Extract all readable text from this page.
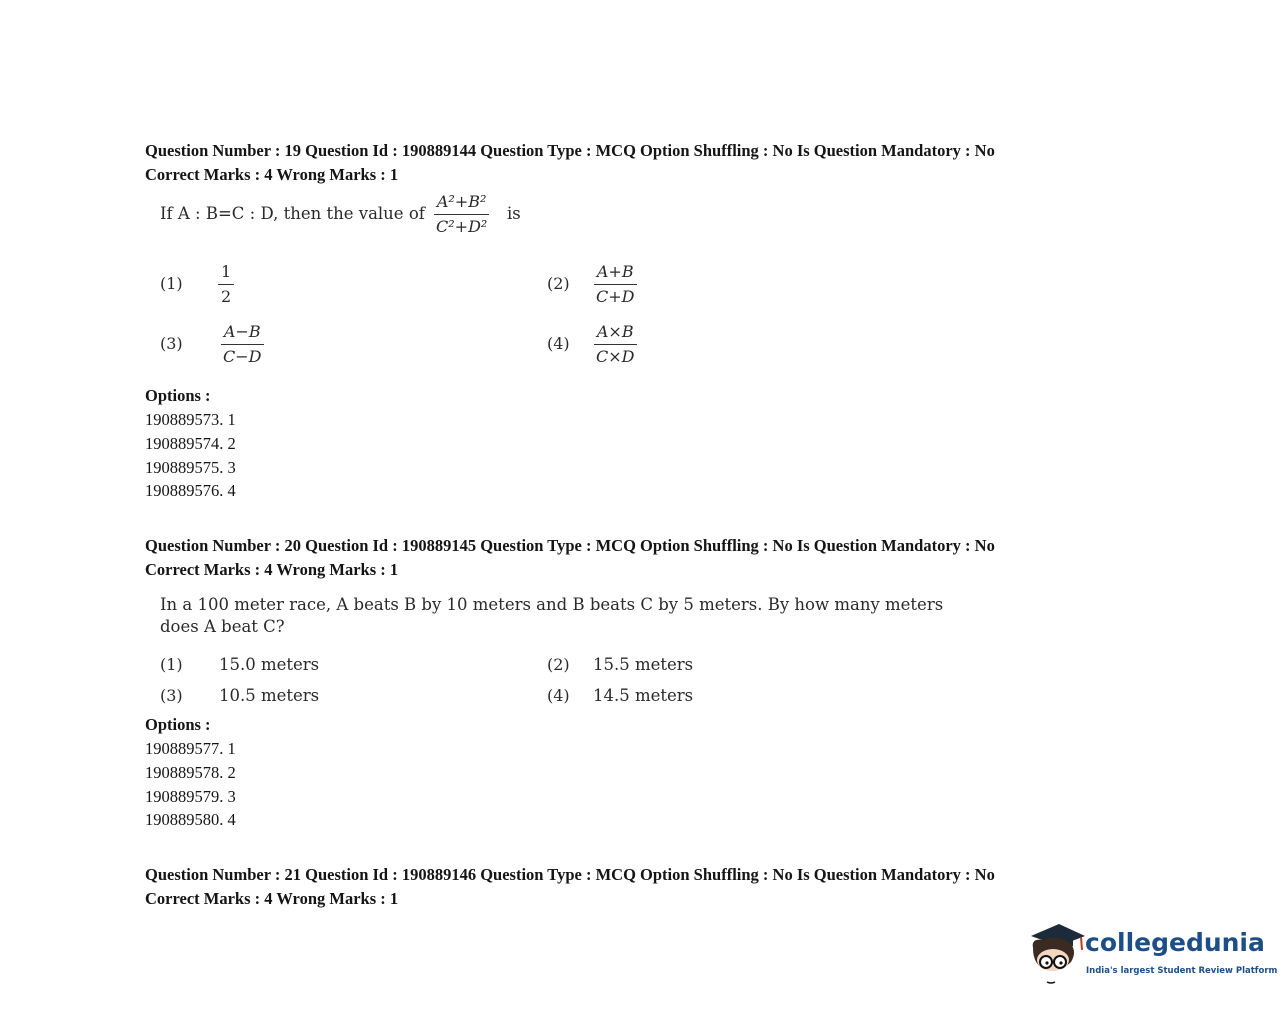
Question Number : 19 Question Id : 190889144 Question Type : MCQ Option Shuffling : No Is Question Mandatory : No
Correct Marks : 4 Wrong Marks : 1
If A : B=C : D, then the value of $\frac{\text{A²+B²}}{\text{C²+D²}}$ is
$(1) \frac{1}{2}$	$(2) \frac{A+B}{C+D}$
$(3) \frac{A-B}{C-D}$	$(4) \frac{A\times B}{C\times D}$
Options :
190889573. 1
190889574. 2
190889575. 3
190889576. 4
Question Number : 20 Question Id : 190889145 Question Type : MCQ Option Shuffling : No Is Question Mandatory : No
Correct Marks : 4 Wrong Marks : 1
In a 100 meter race, A beats B by 10 meters and B beats C by 5 meters. By how many meters
does A beat C?
(1) 15.0 meters	(2) 15.5 meters
(3) 10.5 meters	(4) 14.5 meters
Options :
190889577. 1
190889578. 2
190889579. 3
190889580. 4
Question Number : 21 Question Id : 190889146 Question Type : MCQ Option Shuffling : No Is Question Mandatory : No
Correct Marks : 4 Wrong Marks : 1
collegedunia
India's largest Student Review Platform
